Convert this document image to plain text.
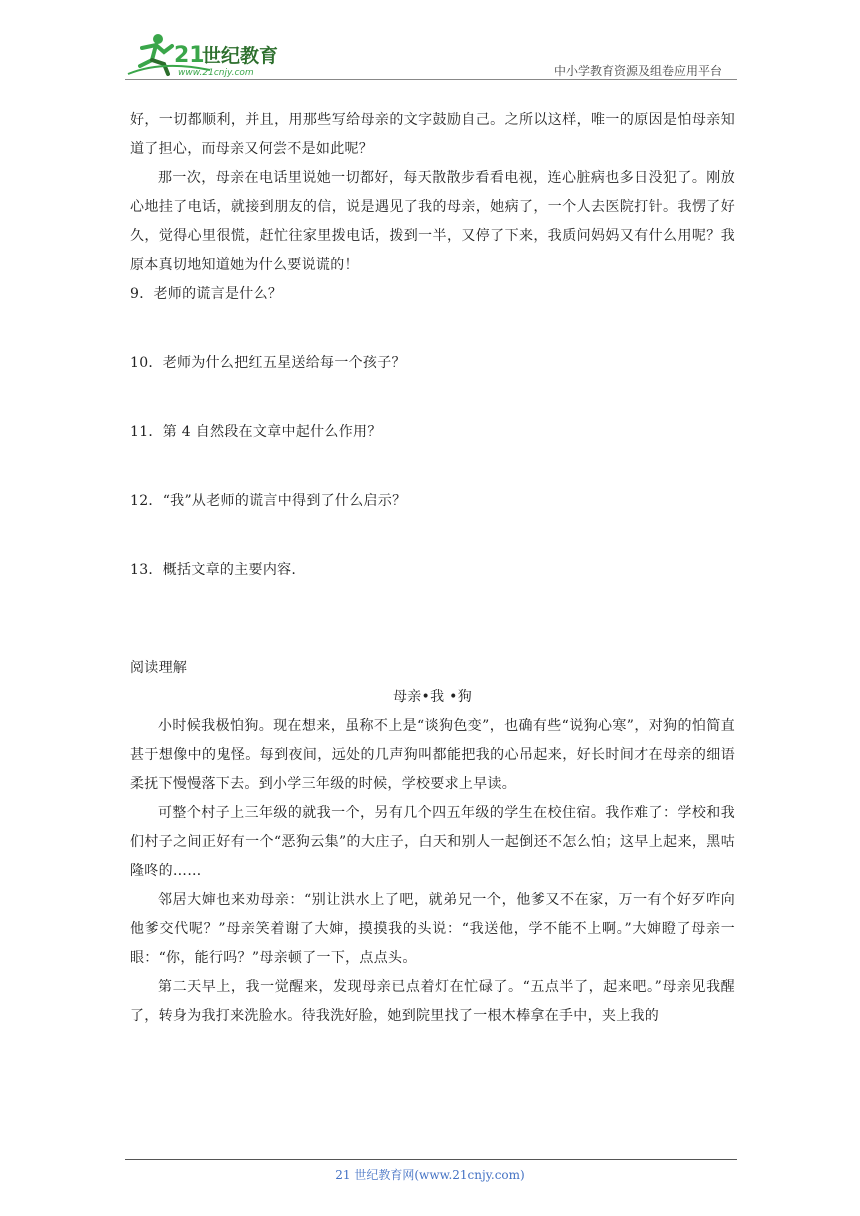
21
世纪教育
www.21cnjy.com	中小学教育资源及组卷应用平台

好，一切都顺利，并且，用那些写给母亲的文字鼓励自己。之所以这样，唯一的原因是怕母亲知道了担心，而母亲又何尝不是如此呢？

那一次，母亲在电话里说她一切都好，每天散散步看看电视，连心脏病也多日没犯了。刚放心地挂了电话，就接到朋友的信，说是遇见了我的母亲，她病了，一个人去医院打针。我愣了好久，觉得心里很慌，赶忙往家里拨电话，拨到一半，又停了下来，我质问妈妈又有什么用呢？我原本真切地知道她为什么要说谎的！

9．老师的谎言是什么？

10．老师为什么把红五星送给每一个孩子？

11．第 4 自然段在文章中起什么作用？

12．“我”从老师的谎言中得到了什么启示？

13．概括文章的主要内容.

阅读理解

母亲•我 •狗

小时候我极怕狗。现在想来，虽称不上是“谈狗色变”，也确有些“说狗心寒”，对狗的怕简直甚于想像中的鬼怪。每到夜间，远处的几声狗叫都能把我的心吊起来，好长时间才在母亲的细语柔抚下慢慢落下去。到小学三年级的时候，学校要求上早读。

可整个村子上三年级的就我一个，另有几个四五年级的学生在校住宿。我作难了：学校和我们村子之间正好有一个“恶狗云集”的大庄子，白天和别人一起倒还不怎么怕；这早上起来，黑咕隆咚的……

邻居大婶也来劝母亲：“别让洪水上了吧，就弟兄一个，他爹又不在家，万一有个好歹咋向他爹交代呢？”母亲笑着谢了大婶，摸摸我的头说：“我送他，学不能不上啊。”大婶瞪了母亲一眼：“你，能行吗？”母亲顿了一下，点点头。

第二天早上，我一觉醒来，发现母亲已点着灯在忙碌了。“五点半了，起来吧。”母亲见我醒了，转身为我打来洗脸水。待我洗好脸，她到院里找了一根木棒拿在手中，夹上我的

21 世纪教育网(www.21cnjy.com)
